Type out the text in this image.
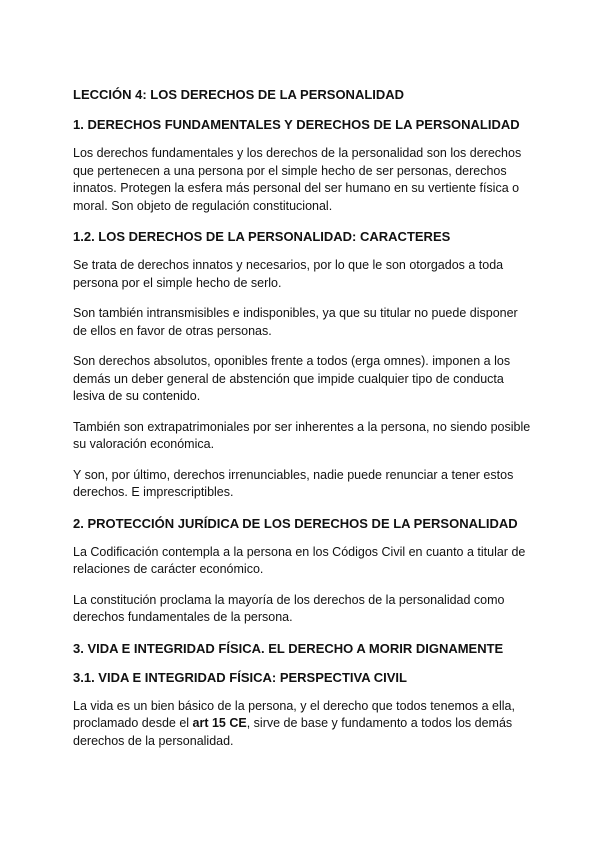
LECCIÓN 4: LOS DERECHOS DE LA PERSONALIDAD
1. DERECHOS FUNDAMENTALES Y DERECHOS DE LA PERSONALIDAD

Los derechos fundamentales y los derechos de la personalidad son los derechos que pertenecen a una persona por el simple hecho de ser personas, derechos innatos. Protegen la esfera más personal del ser humano en su vertiente física o moral. Son objeto de regulación constitucional.

1.2. LOS DERECHOS DE LA PERSONALIDAD: CARACTERES

Se trata de derechos innatos y necesarios, por lo que le son otorgados a toda persona por el simple hecho de serlo.

Son también intransmisibles e indisponibles, ya que su titular no puede disponer de ellos en favor de otras personas.

Son derechos absolutos, oponibles frente a todos (erga omnes). imponen a los demás un deber general de abstención que impide cualquier tipo de conducta lesiva de su contenido.

También son extrapatrimoniales por ser inherentes a la persona, no siendo posible su valoración económica.

Y son, por último, derechos irrenunciables, nadie puede renunciar a tener estos derechos. E imprescriptibles.

2. PROTECCIÓN JURÍDICA DE LOS DERECHOS DE LA PERSONALIDAD

La Codificación contempla a la persona en los Códigos Civil en cuanto a titular de relaciones de carácter económico.

La constitución proclama la mayoría de los derechos de la personalidad como derechos fundamentales de la persona.

3. VIDA E INTEGRIDAD FÍSICA. EL DERECHO A MORIR DIGNAMENTE
3.1. VIDA E INTEGRIDAD FÍSICA: PERSPECTIVA CIVIL

La vida es un bien básico de la persona, y el derecho que todos tenemos a ella, proclamado desde el art 15 CE, sirve de base y fundamento a todos los demás derechos de la personalidad.
